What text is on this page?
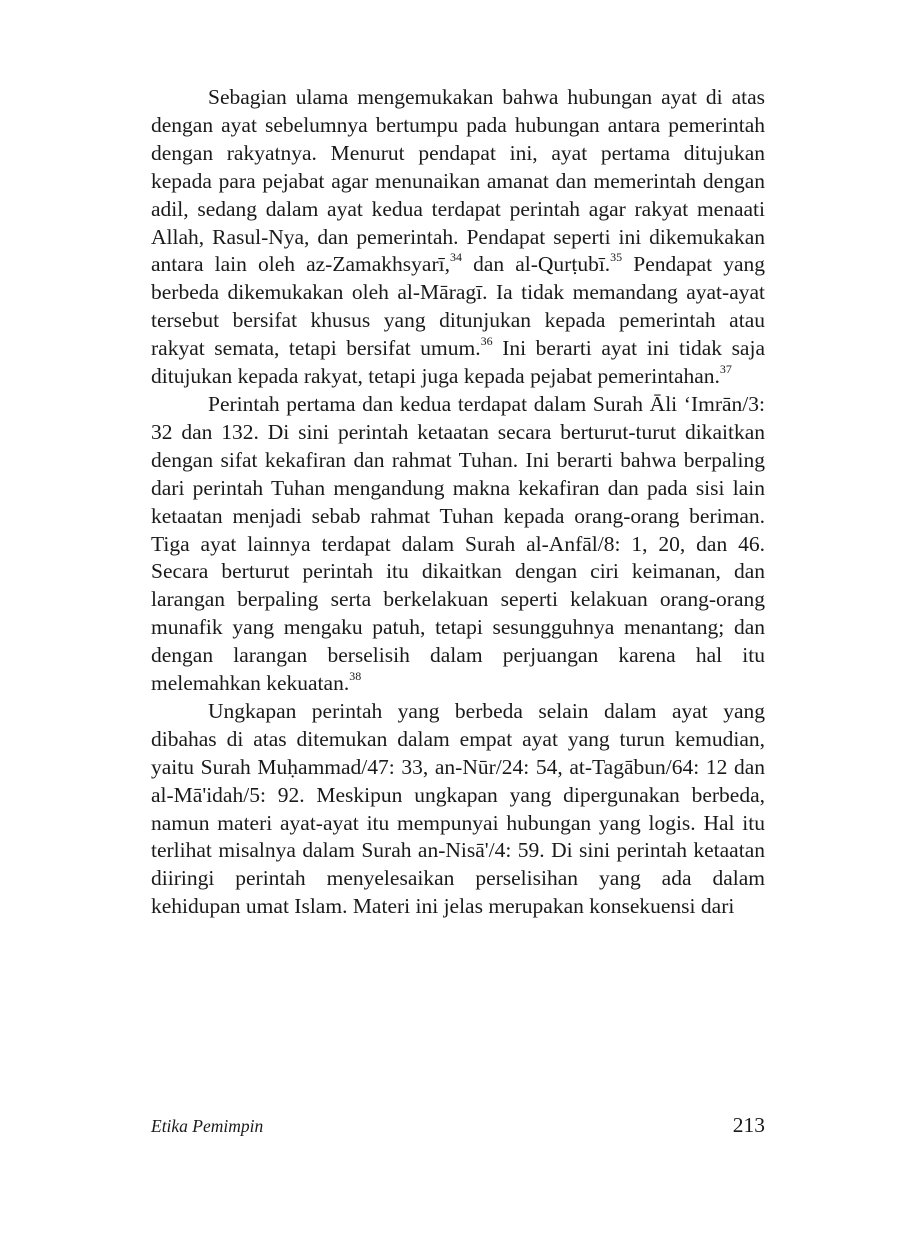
Sebagian ulama mengemukakan bahwa hubungan ayat di atas dengan ayat sebelumnya bertumpu pada hubungan antara pemerintah dengan rakyatnya. Menurut pendapat ini, ayat pertama ditujukan kepada para pejabat agar menunaikan amanat dan memerintah dengan adil, sedang dalam ayat kedua terdapat perintah agar rakyat menaati Allah, Rasul-Nya, dan pemerintah. Pendapat seperti ini dikemukakan antara lain oleh az-Zamakhsyarī,$^{34}$ dan al-Qurṭubī.$^{35}$ Pendapat yang berbeda dikemukakan oleh al-Māragī. Ia tidak memandang ayat-ayat tersebut bersifat khusus yang ditunjukan kepada pemerintah atau rakyat semata, tetapi bersifat umum.$^{36}$ Ini berarti ayat ini tidak saja ditujukan kepada rakyat, tetapi juga kepada pejabat pemerintahan.$^{37}$

Perintah pertama dan kedua terdapat dalam Surah Āli ‘Imrān/3: 32 dan 132. Di sini perintah ketaatan secara berturut-turut dikaitkan dengan sifat kekafiran dan rahmat Tuhan. Ini berarti bahwa berpaling dari perintah Tuhan mengandung makna kekafiran dan pada sisi lain ketaatan menjadi sebab rahmat Tuhan kepada orang-orang beriman. Tiga ayat lainnya terdapat dalam Surah al-Anfāl/8: 1, 20, dan 46. Secara berturut perintah itu dikaitkan dengan ciri keimanan, dan larangan berpaling serta berkelakuan seperti kelakuan orang-orang munafik yang mengaku patuh, tetapi sesungguhnya menantang; dan dengan larangan berselisih dalam perjuangan karena hal itu melemahkan kekuatan.$^{38}$

Ungkapan perintah yang berbeda selain dalam ayat yang dibahas di atas ditemukan dalam empat ayat yang turun kemudian, yaitu Surah Muḥammad/47: 33, an-Nūr/24: 54, at-Tagābun/64: 12 dan al-Mā'idah/5: 92. Meskipun ungkapan yang dipergunakan berbeda, namun materi ayat-ayat itu mempunyai hubungan yang logis. Hal itu terlihat misalnya dalam Surah an-Nisā'/4: 59. Di sini perintah ketaatan diiringi perintah menyelesaikan perselisihan yang ada dalam kehidupan umat Islam. Materi ini jelas merupakan konsekuensi dari

Etika Pemimpin	213
